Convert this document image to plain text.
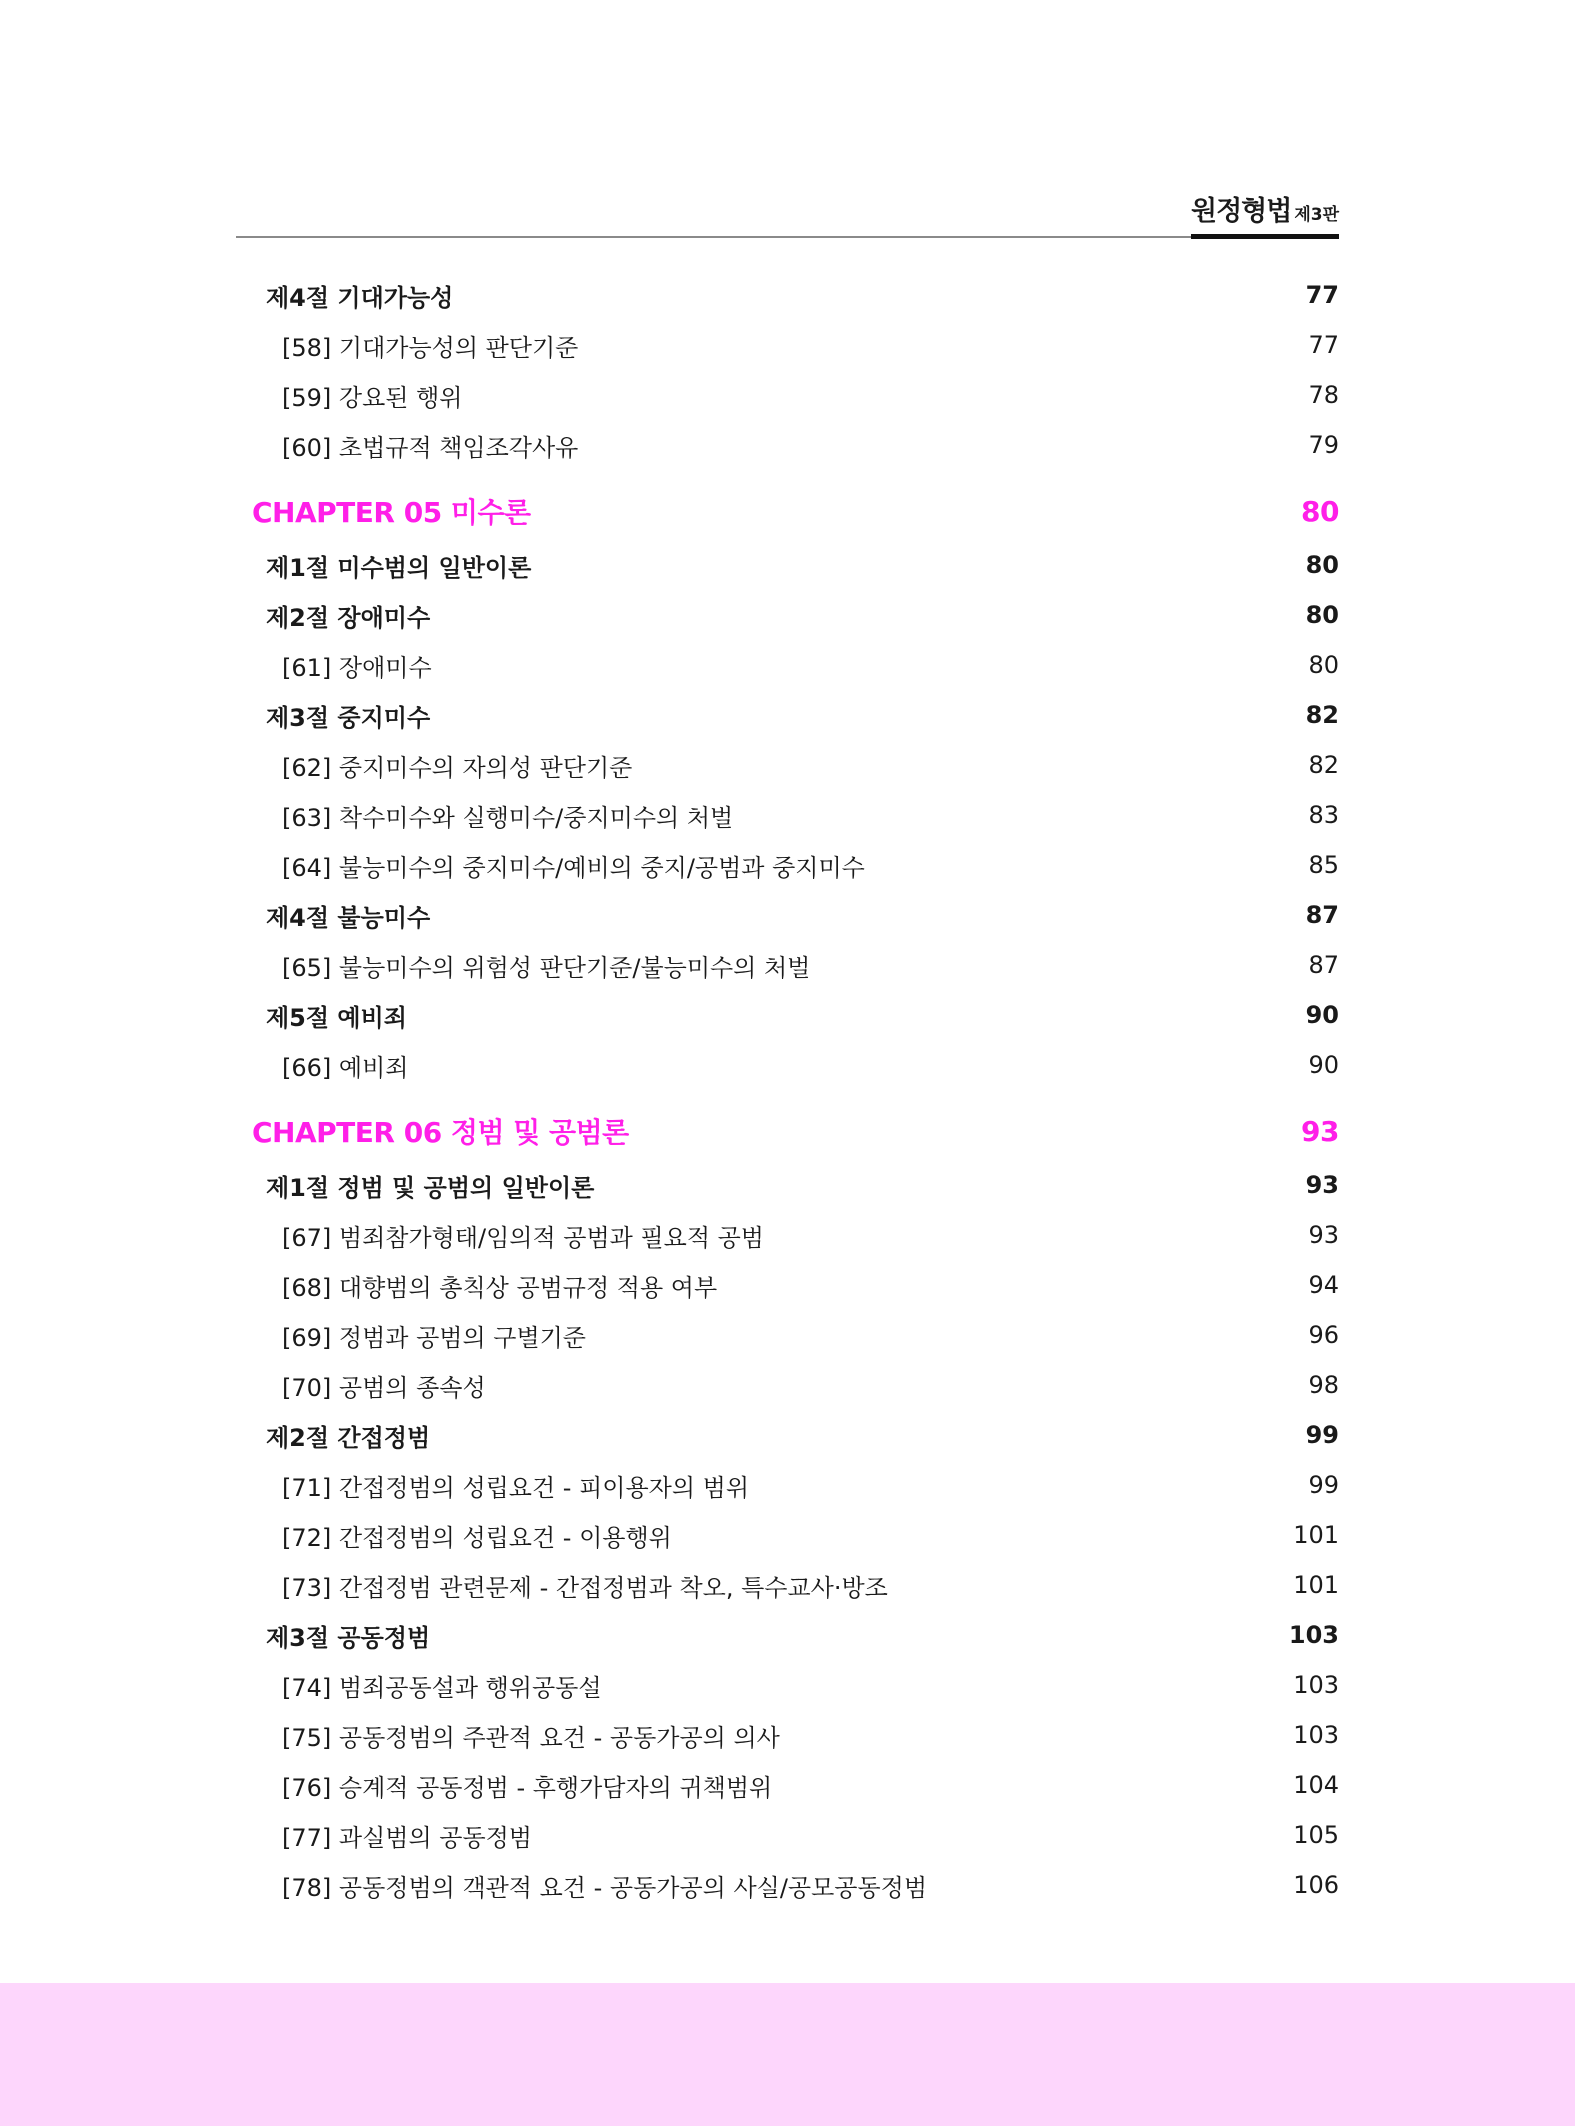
원정형법 제3판
제4절 기대가능성	77
[58] 기대가능성의 판단기준	77
[59] 강요된 행위	78
[60] 초법규적 책임조각사유	79
CHAPTER 05 미수론	80
제1절 미수범의 일반이론	80
제2절 장애미수	80
[61] 장애미수	80
제3절 중지미수	82
[62] 중지미수의 자의성 판단기준	82
[63] 착수미수와 실행미수/중지미수의 처벌	83
[64] 불능미수의 중지미수/예비의 중지/공범과 중지미수	85
제4절 불능미수	87
[65] 불능미수의 위험성 판단기준/불능미수의 처벌	87
제5절 예비죄	90
[66] 예비죄	90
CHAPTER 06 정범 및 공범론	93
제1절 정범 및 공범의 일반이론	93
[67] 범죄참가형태/임의적 공범과 필요적 공범	93
[68] 대향범의 총칙상 공범규정 적용 여부	94
[69] 정범과 공범의 구별기준	96
[70] 공범의 종속성	98
제2절 간접정범	99
[71] 간접정범의 성립요건 - 피이용자의 범위	99
[72] 간접정범의 성립요건 - 이용행위	101
[73] 간접정범 관련문제 - 간접정범과 착오, 특수교사·방조	101
제3절 공동정범	103
[74] 범죄공동설과 행위공동설	103
[75] 공동정범의 주관적 요건 - 공동가공의 의사	103
[76] 승계적 공동정범 - 후행가담자의 귀책범위	104
[77] 과실범의 공동정범	105
[78] 공동정범의 객관적 요건 - 공동가공의 사실/공모공동정범	106
